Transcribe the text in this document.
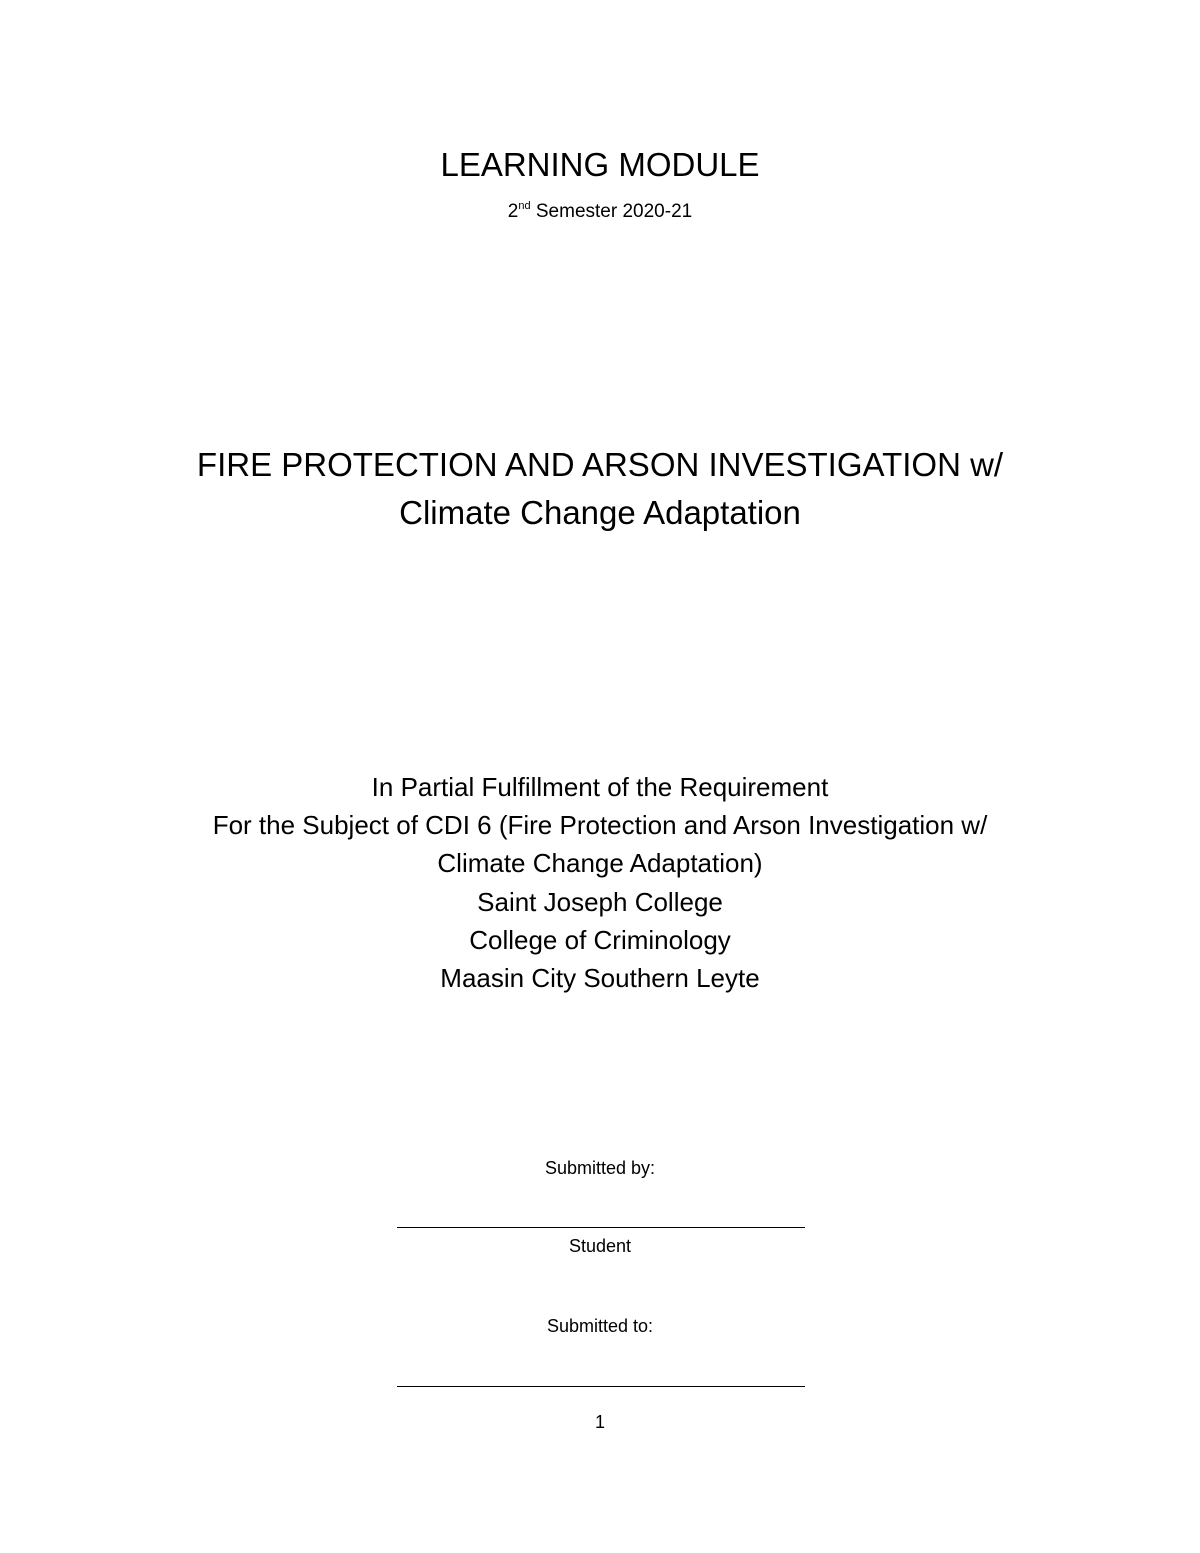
LEARNING MODULE
2nd Semester 2020-21
FIRE PROTECTION AND ARSON INVESTIGATION w/
Climate Change Adaptation
In Partial Fulfillment of the Requirement
For the Subject of CDI 6 (Fire Protection and Arson Investigation w/
Climate Change Adaptation)
Saint Joseph College
College of Criminology
Maasin City Southern Leyte
Submitted by:
Student
Submitted to:
1
